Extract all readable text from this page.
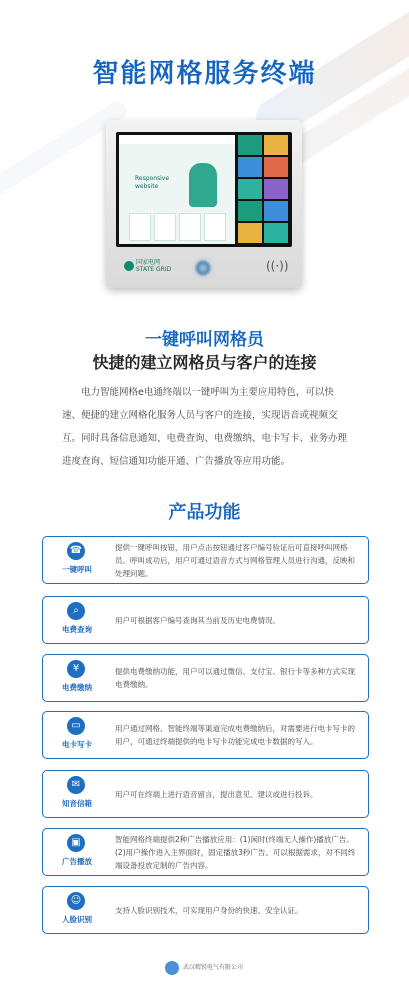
智能网格服务终端
Responsive
website
国家电网
STATE GRID	((·))
一键呼叫网格员
快捷的建立网格员与客户的连接
电力智能网格e电通终端以一键呼叫为主要应用特色，可以快速、便捷的建立网格化服务人员与客户的连接，实现语音或视频交互。同时具备信息通知、电费查询、电费缴纳、电卡写卡、业务办理进度查询、短信通知功能开通、广告播放等应用功能。
产品功能
☎
一键呼叫
提供一键呼叫按钮，用户点击按钮通过客户编号验证后可直接呼叫网格员。呼叫成功后，用户可通过语音方式与网格管理人员进行沟通，反映和处理问题。
⌕
电费查询
用户可根据客户编号查询其当前及历史电费情况。
¥
电费缴纳
提供电费缴纳功能，用户可以通过微信、支付宝、银行卡等多种方式实现电费缴纳。
▭
电卡写卡
用户通过网格、智能终端等渠道完成电费缴纳后，对需要进行电卡写卡的用户，可通过终端提供的电卡写卡功能完成电卡数据的写入。
✉
知音信箱
用户可在终端上进行语音留言，提出意见、建议或进行投诉。
▣
广告播放
智能网格终端提供2种广告播放应用：(1)闲时(终端无人操作)播放广告。(2)用户操作进入主界面时，固定播放3秒广告。可以根据需求，对不同终端设备投放定制的广告内容。
☺
人脸识别
支持人脸识别技术，可实现用户身份的快速、安全认证。
武汉精锐电气有限公司
